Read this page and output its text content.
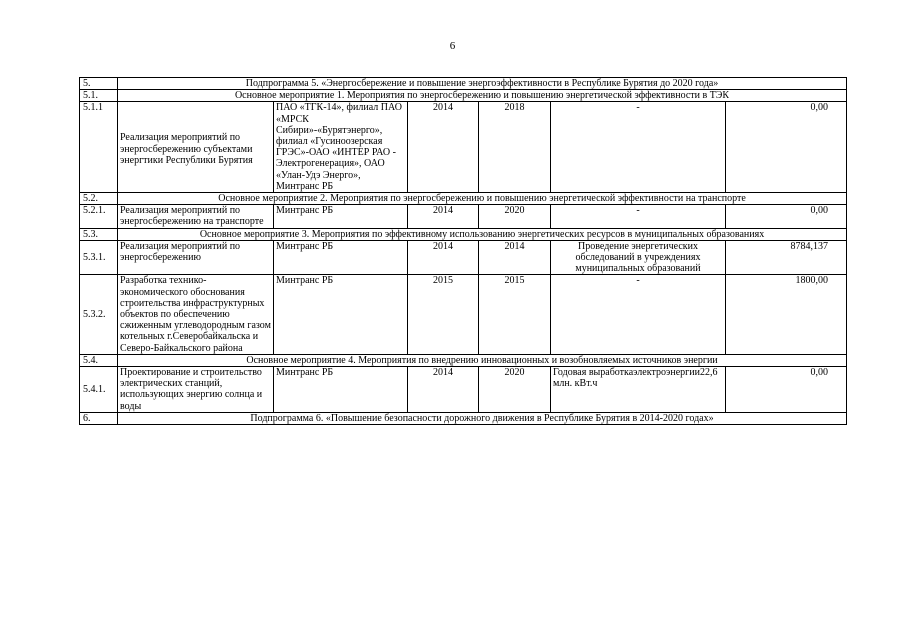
6
5.	Подпрограмма 5. «Энергосбережение и повышение энергоэффективности в Республике Бурятия до 2020 года»					
5.1.	Основное мероприятие 1. Мероприятия по энергосбережению и повышению энергетической эффективности в ТЭК					
5.1.1	Реализация мероприятий по энергосбережению субъектами энергтики Республики Бурятия	ПАО «ТГК-14», филиал ПАО «МРСК Сибири»-«Бурятэнерго», филиал «Гусиноозерская ГРЭС»-ОАО «ИНТЕР РАО - Электрогенерация», ОАО «Улан-Удэ Энерго», Минтранс РБ	2014	2018	-	0,00
5.2.	Основное мероприятие 2. Мероприятия по энергосбережению и повышению энергетической эффективности на транспорте					
5.2.1.	Реализация мероприятий по энергосбережению на транспорте	Минтранс РБ	2014	2020	-	0,00
5.3.	Основное мероприятие 3. Мероприятия по эффективному использованию энергетических ресурсов в муниципальных образованиях					
5.3.1.	Реализация мероприятий по энергосбережению	Минтранс РБ	2014	2014	Проведение энергетических обследований в учреждениях муниципальных образований	8784,137
5.3.2.	Разработка технико-экономического обоснования строительства инфраструктурных объектов по обеспечению сжиженным углеводородным газом котельных г.Северобайкальска и Северо-Байкальского района	Минтранс РБ	2015	2015	-	1800,00
5.4.	Основное мероприятие 4. Мероприятия по внедрению инновационных и возобновляемых источников энергии					
5.4.1.	Проектирование и строительство электрических станций, использующих энергию солнца и воды	Минтранс РБ	2014	2020	Годовая выработкаэлектроэнергии22,6 млн. кВт.ч	0,00
6.	Подпрограмма 6. «Повышение безопасности дорожного движения в Республике Бурятия в 2014-2020 годах»					
